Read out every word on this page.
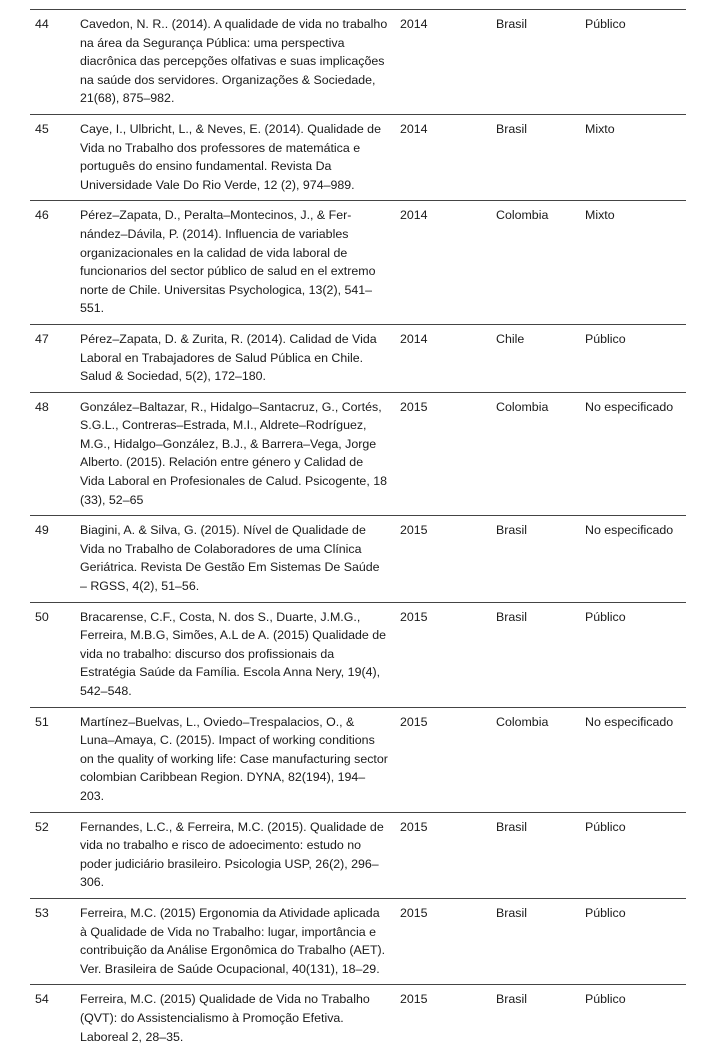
44	Cavedon, N. R.. (2014). A qualidade de vida no trabalho na área da Segurança Pública: uma perspectiva diacrônica das percepções olfativas e suas implicações na saúde dos servidores. Organizações & Sociedade, 21(68), 875–982.	2014	Brasil	Público
45	Caye, I., Ulbricht, L., & Neves, E. (2014). Qualidade de Vida no Trabalho dos professores de matemática e português do ensino fundamental. Revista Da Universidade Vale Do Rio Verde, 12 (2), 974–989.	2014	Brasil	Mixto
46	Pérez–Zapata, D., Peralta–Montecinos, J., & Fernández–Dávila, P. (2014). Influencia de variables organizacionales en la calidad de vida laboral de funcionarios del sector público de salud en el extremo norte de Chile. Universitas Psychologica, 13(2), 541–551.	2014	Colombia	Mixto
47	Pérez–Zapata, D. & Zurita, R. (2014). Calidad de Vida Laboral en Trabajadores de Salud Pública en Chile. Salud & Sociedad, 5(2), 172–180.	2014	Chile	Público
48	González–Baltazar, R., Hidalgo–Santacruz, G., Cortés, S.G.L., Contreras–Estrada, M.I., Aldrete–Rodríguez, M.G., Hidalgo–González, B.J., & Barrera–Vega, Jorge Alberto. (2015). Relación entre género y Calidad de Vida Laboral en Profesionales de Calud. Psicogente, 18 (33), 52–65	2015	Colombia	No especificado
49	Biagini, A. & Silva, G. (2015). Nível de Qualidade de Vida no Trabalho de Colaboradores de uma Clínica Geriátrica. Revista De Gestão Em Sistemas De Saúde – RGSS, 4(2), 51–56.	2015	Brasil	No especificado
50	Bracarense, C.F., Costa, N. dos S., Duarte, J.M.G., Ferreira, M.B.G, Simões, A.L de A. (2015) Qualidade de vida no trabalho: discurso dos profissionais da Estratégia Saúde da Família. Escola Anna Nery, 19(4), 542–548.	2015	Brasil	Público
51	Martínez–Buelvas, L., Oviedo–Trespalacios, O., & Luna–Amaya, C. (2015). Impact of working conditions on the quality of working life: Case manufacturing sector colombian Caribbean Region. DYNA, 82(194), 194–203.	2015	Colombia	No especificado
52	Fernandes, L.C., & Ferreira, M.C. (2015). Qualidade de vida no trabalho e risco de adoecimento: estudo no poder judiciário brasileiro. Psicologia USP, 26(2), 296–306.	2015	Brasil	Público
53	Ferreira, M.C. (2015) Ergonomia da Atividade aplicada à Qualidade de Vida no Trabalho: lugar, importância e contribuição da Análise Ergonômica do Trabalho (AET). Ver. Brasileira de Saúde Ocupacional, 40(131), 18–29.	2015	Brasil	Público
54	Ferreira, M.C. (2015) Qualidade de Vida no Trabalho (QVT): do Assistencialismo à Promoção Efetiva. Laboreal 2, 28–35.	2015	Brasil	Público
